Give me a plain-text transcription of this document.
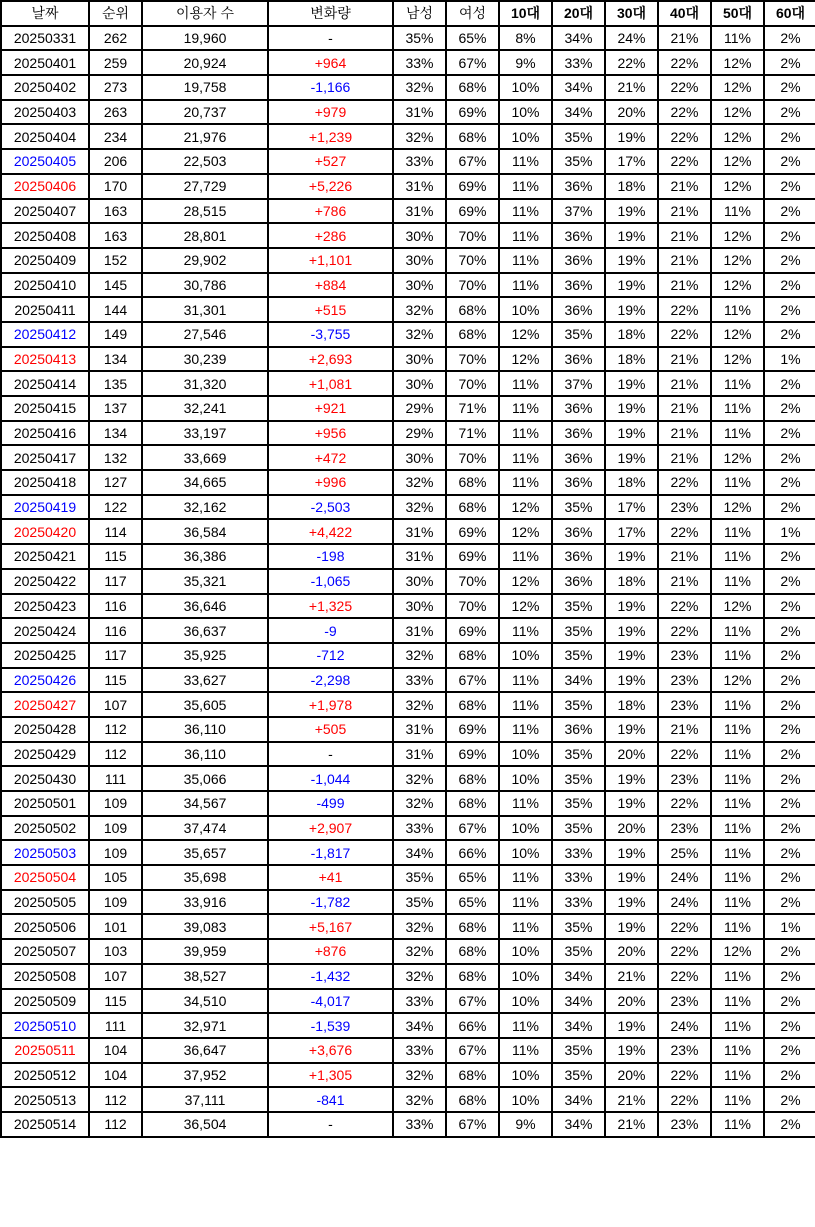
날짜	순위	이용자 수	변화량	남성	여성	10대	20대	30대	40대	50대	60대
20250331	262	19,960	-	35%	65%	8%	34%	24%	21%	11%	2%
20250401	259	20,924	+964	33%	67%	9%	33%	22%	22%	12%	2%
20250402	273	19,758	-1,166	32%	68%	10%	34%	21%	22%	12%	2%
20250403	263	20,737	+979	31%	69%	10%	34%	20%	22%	12%	2%
20250404	234	21,976	+1,239	32%	68%	10%	35%	19%	22%	12%	2%
20250405	206	22,503	+527	33%	67%	11%	35%	17%	22%	12%	2%
20250406	170	27,729	+5,226	31%	69%	11%	36%	18%	21%	12%	2%
20250407	163	28,515	+786	31%	69%	11%	37%	19%	21%	11%	2%
20250408	163	28,801	+286	30%	70%	11%	36%	19%	21%	12%	2%
20250409	152	29,902	+1,101	30%	70%	11%	36%	19%	21%	12%	2%
20250410	145	30,786	+884	30%	70%	11%	36%	19%	21%	12%	2%
20250411	144	31,301	+515	32%	68%	10%	36%	19%	22%	11%	2%
20250412	149	27,546	-3,755	32%	68%	12%	35%	18%	22%	12%	2%
20250413	134	30,239	+2,693	30%	70%	12%	36%	18%	21%	12%	1%
20250414	135	31,320	+1,081	30%	70%	11%	37%	19%	21%	11%	2%
20250415	137	32,241	+921	29%	71%	11%	36%	19%	21%	11%	2%
20250416	134	33,197	+956	29%	71%	11%	36%	19%	21%	11%	2%
20250417	132	33,669	+472	30%	70%	11%	36%	19%	21%	12%	2%
20250418	127	34,665	+996	32%	68%	11%	36%	18%	22%	11%	2%
20250419	122	32,162	-2,503	32%	68%	12%	35%	17%	23%	12%	2%
20250420	114	36,584	+4,422	31%	69%	12%	36%	17%	22%	11%	1%
20250421	115	36,386	-198	31%	69%	11%	36%	19%	21%	11%	2%
20250422	117	35,321	-1,065	30%	70%	12%	36%	18%	21%	11%	2%
20250423	116	36,646	+1,325	30%	70%	12%	35%	19%	22%	12%	2%
20250424	116	36,637	-9	31%	69%	11%	35%	19%	22%	11%	2%
20250425	117	35,925	-712	32%	68%	10%	35%	19%	23%	11%	2%
20250426	115	33,627	-2,298	33%	67%	11%	34%	19%	23%	12%	2%
20250427	107	35,605	+1,978	32%	68%	11%	35%	18%	23%	11%	2%
20250428	112	36,110	+505	31%	69%	11%	36%	19%	21%	11%	2%
20250429	112	36,110	-	31%	69%	10%	35%	20%	22%	11%	2%
20250430	111	35,066	-1,044	32%	68%	10%	35%	19%	23%	11%	2%
20250501	109	34,567	-499	32%	68%	11%	35%	19%	22%	11%	2%
20250502	109	37,474	+2,907	33%	67%	10%	35%	20%	23%	11%	2%
20250503	109	35,657	-1,817	34%	66%	10%	33%	19%	25%	11%	2%
20250504	105	35,698	+41	35%	65%	11%	33%	19%	24%	11%	2%
20250505	109	33,916	-1,782	35%	65%	11%	33%	19%	24%	11%	2%
20250506	101	39,083	+5,167	32%	68%	11%	35%	19%	22%	11%	1%
20250507	103	39,959	+876	32%	68%	10%	35%	20%	22%	12%	2%
20250508	107	38,527	-1,432	32%	68%	10%	34%	21%	22%	11%	2%
20250509	115	34,510	-4,017	33%	67%	10%	34%	20%	23%	11%	2%
20250510	111	32,971	-1,539	34%	66%	11%	34%	19%	24%	11%	2%
20250511	104	36,647	+3,676	33%	67%	11%	35%	19%	23%	11%	2%
20250512	104	37,952	+1,305	32%	68%	10%	35%	20%	22%	11%	2%
20250513	112	37,111	-841	32%	68%	10%	34%	21%	22%	11%	2%
20250514	112	36,504	-	33%	67%	9%	34%	21%	23%	11%	2%
